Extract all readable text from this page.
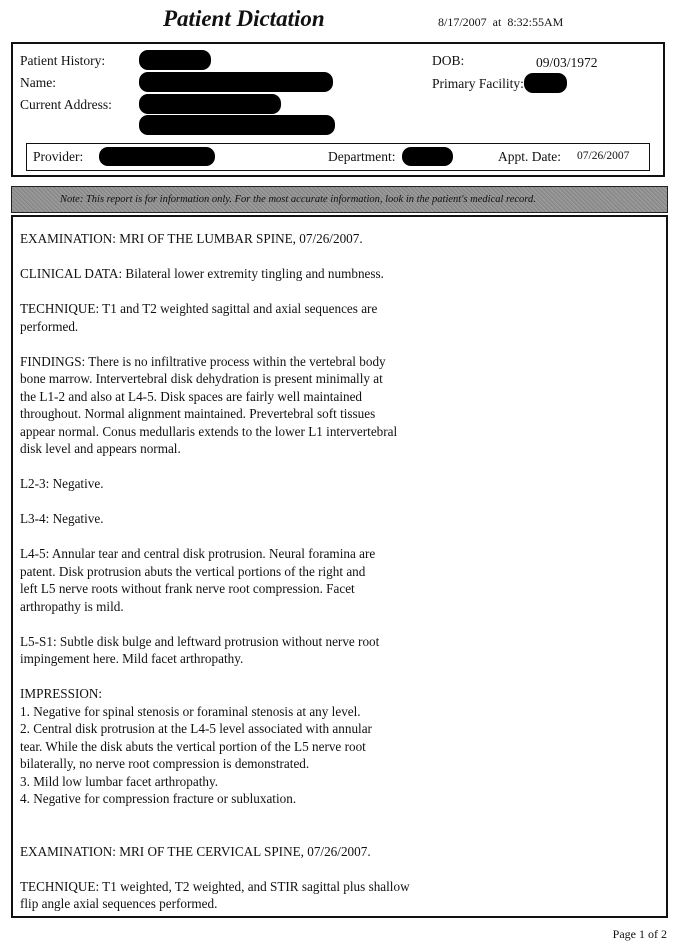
Patient Dictation	8/17/2007 at 8:32:55AM
Patient History:
Name:
Current Address:
DOB:	09/03/1972
Primary Facility:
Provider:	Department:	Appt. Date: 07/26/2007
Note: This report is for information only. For the most accurate information, look in the patient's medical record.

EXAMINATION: MRI OF THE LUMBAR SPINE, 07/26/2007.

CLINICAL DATA: Bilateral lower extremity tingling and numbness.

TECHNIQUE: T1 and T2 weighted sagittal and axial sequences are
performed.

FINDINGS: There is no infiltrative process within the vertebral body
bone marrow. Intervertebral disk dehydration is present minimally at
the L1-2 and also at L4-5. Disk spaces are fairly well maintained
throughout. Normal alignment maintained. Prevertebral soft tissues
appear normal. Conus medullaris extends to the lower L1 intervertebral
disk level and appears normal.

L2-3: Negative.

L3-4: Negative.

L4-5: Annular tear and central disk protrusion. Neural foramina are
patent. Disk protrusion abuts the vertical portions of the right and
left L5 nerve roots without frank nerve root compression. Facet
arthropathy is mild.

L5-S1: Subtle disk bulge and leftward protrusion without nerve root
impingement here. Mild facet arthropathy.

IMPRESSION:
1. Negative for spinal stenosis or foraminal stenosis at any level.
2. Central disk protrusion at the L4-5 level associated with annular
tear. While the disk abuts the vertical portion of the L5 nerve root
bilaterally, no nerve root compression is demonstrated.
3. Mild low lumbar facet arthropathy.
4. Negative for compression fracture or subluxation.

EXAMINATION: MRI OF THE CERVICAL SPINE, 07/26/2007.

TECHNIQUE: T1 weighted, T2 weighted, and STIR sagittal plus shallow
flip angle axial sequences performed.

Page 1 of 2
